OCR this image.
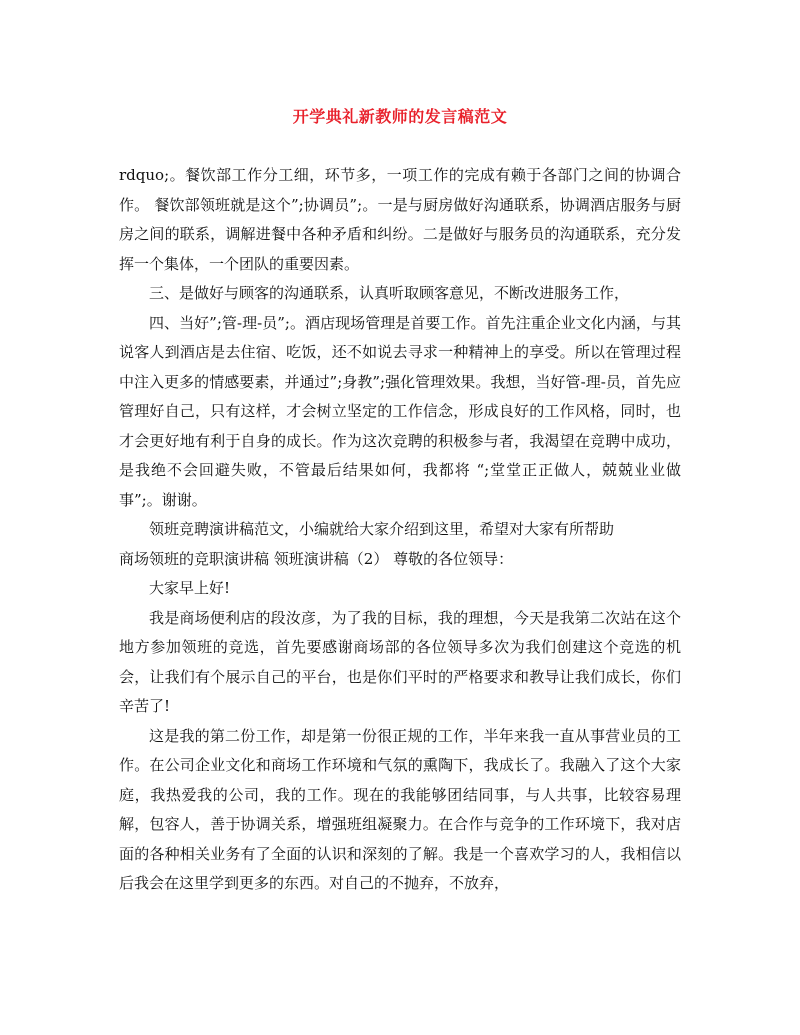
开学典礼新教师的发言稿范文

rdquo;。餐饮部工作分工细，环节多，一项工作的完成有赖于各部门之间的协调合作。 餐饮部领班就是这个”;协调员”;。一是与厨房做好沟通联系，协调酒店服务与厨房之间的联系，调解进餐中各种矛盾和纠纷。二是做好与服务员的沟通联系，充分发挥一个集体，一个团队的重要因素。

三、是做好与顾客的沟通联系，认真听取顾客意见，不断改进服务工作，

四、当好”;管-理-员”;。酒店现场管理是首要工作。首先注重企业文化内涵，与其说客人到酒店是去住宿、吃饭，还不如说去寻求一种精神上的享受。所以在管理过程中注入更多的情感要素，并通过”;身教”;强化管理效果。我想，当好管-理-员，首先应管理好自己，只有这样，才会树立坚定的工作信念，形成良好的工作风格，同时，也才会更好地有利于自身的成长。作为这次竞聘的积极参与者，我渴望在竞聘中成功，是我绝不会回避失败，不管最后结果如何，我都将 “;堂堂正正做人，兢兢业业做事”;。谢谢。

领班竞聘演讲稿范文，小编就给大家介绍到这里，希望对大家有所帮助

商场领班的竞职演讲稿 领班演讲稿（2） 尊敬的各位领导：

大家早上好!

我是商场便利店的段汝彦，为了我的目标，我的理想，今天是我第二次站在这个地方参加领班的竞选，首先要感谢商场部的各位领导多次为我们创建这个竞选的机会，让我们有个展示自己的平台，也是你们平时的严格要求和教导让我们成长，你们辛苦了!

这是我的第二份工作，却是第一份很正规的工作，半年来我一直从事营业员的工作。在公司企业文化和商场工作环境和气氛的熏陶下，我成长了。我融入了这个大家庭，我热爱我的公司，我的工作。现在的我能够团结同事，与人共事，比较容易理解，包容人，善于协调关系，增强班组凝聚力。在合作与竞争的工作环境下，我对店面的各种相关业务有了全面的认识和深刻的了解。我是一个喜欢学习的人，我相信以后我会在这里学到更多的东西。对自己的不抛弃，不放弃，
